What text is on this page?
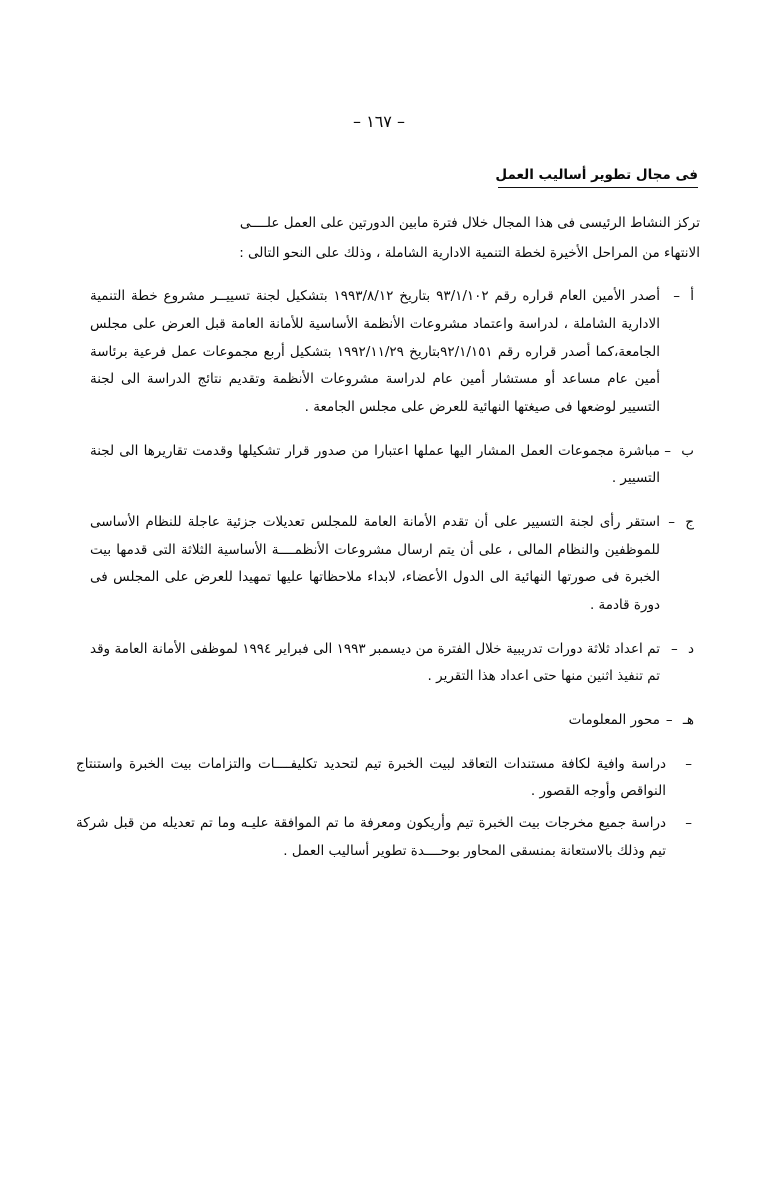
– ١٦٧ –
فى مجال تطوير أساليب العمل

تركز النشاط الرئيسى فى هذا المجال خلال فترة مابين الدورتين على العمل علــــى

الانتهاء من المراحل الأخيرة لخطة التنمية الادارية الشاملة ، وذلك على النحو التالى :

أ –

أصدر الأمين العام قراره رقم ٩٣/١/١٠٢ بتاريخ ١٩٩٣/٨/١٢ بتشكيل لجنة تسييــر مشروع خطة التنمية الادارية الشاملة ، لدراسة واعتماد مشروعات الأنظمة الأساسية للأمانة العامة قبل العرض على مجلس الجامعة،كما أصدر قراره رقم ٩٢/١/١٥١بتاريخ ١٩٩٢/١١/٢٩ بتشكيل أربع مجموعات عمل فرعية برئاسة أمين عام مساعد أو مستشار أمين عام لدراسة مشروعات الأنظمة وتقديم نتائج الدراسة الى لجنة التسيير لوضعها فى صيغتها النهائية للعرض على مجلس الجامعة .

ب –

مباشرة مجموعات العمل المشار اليها عملها اعتبارا من صدور قرار تشكيلها وقدمت تقاريرها الى لجنة التسيير .

ج –

استقر رأى لجنة التسيير على أن تقدم الأمانة العامة للمجلس تعديلات جزئية عاجلة للنظام الأساسى للموظفين والنظام المالى ، على أن يتم ارسال مشروعات الأنظمــــة الأساسية الثلاثة التى قدمها بيت الخبرة فى صورتها النهائية الى الدول الأعضاء، لابداء ملاحظاتها عليها تمهيدا للعرض على المجلس فى دورة قادمة .

د –

تم اعداد ثلاثة دورات تدريبية خلال الفترة من ديسمبر ١٩٩٣ الى فبراير ١٩٩٤ لموظفى الأمانة العامة وقد تم تنفيذ اثنين منها حتى اعداد هذا التقرير .

هـ –

محور المعلومات

–

دراسة وافية لكافة مستندات التعاقد لبيت الخبرة تيم لتحديد تكليفــــات والتزامات بيت الخبرة واستنتاج النواقص وأوجه القصور .

–

دراسة جميع مخرجات بيت الخبرة تيم وأريكون ومعرفة ما تم الموافقة عليـه وما تم تعديله من قبل شركة تيم وذلك بالاستعانة بمنسقى المحاور بوحــــدة تطوير أساليب العمل .
